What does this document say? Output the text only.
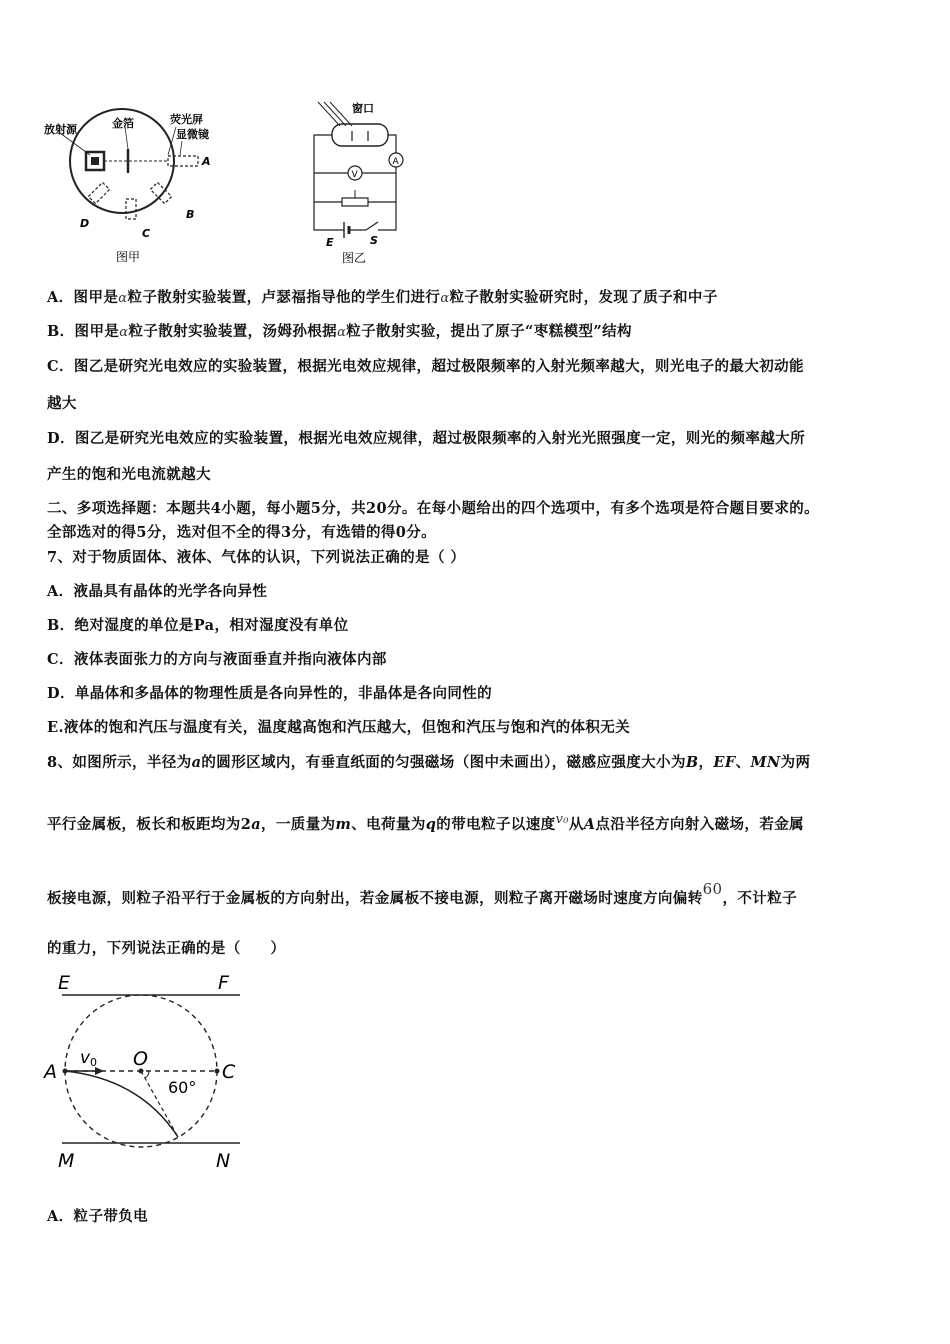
放射源	金箔	荧光屏
显微镜
A
B
C
D
图甲
窗口
A
V
E	S
图乙
A．图甲是α粒子散射实验装置，卢瑟福指导他的学生们进行α粒子散射实验研究时，发现了质子和中子
B．图甲是α粒子散射实验装置，汤姆孙根据α粒子散射实验，提出了原子“枣糕模型”结构
C．图乙是研究光电效应的实验装置，根据光电效应规律，超过极限频率的入射光频率越大，则光电子的最大初动能
越大
D．图乙是研究光电效应的实验装置，根据光电效应规律，超过极限频率的入射光光照强度一定，则光的频率越大所
产生的饱和光电流就越大
二、多项选择题：本题共4小题，每小题5分，共20分。在每小题给出的四个选项中，有多个选项是符合题目要求的。
全部选对的得5分，选对但不全的得3分，有选错的得0分。
7、对于物质固体、液体、气体的认识，下列说法正确的是（ ）
A．液晶具有晶体的光学各向异性
B．绝对湿度的单位是Pa，相对湿度没有单位
C．液体表面张力的方向与液面垂直并指向液体内部
D．单晶体和多晶体的物理性质是各向异性的，非晶体是各向同性的
E.液体的饱和汽压与温度有关，温度越高饱和汽压越大，但饱和汽压与饱和汽的体积无关
8、如图所示，半径为a的圆形区域内，有垂直纸面的匀强磁场（图中未画出），磁感应强度大小为B，EF、MN为两
平行金属板，板长和板距均为2a，一质量为m、电荷量为q的带电粒子以速度v₀从A点沿半径方向射入磁场，若金属
板接电源，则粒子沿平行于金属板的方向射出，若金属板不接电源，则粒子离开磁场时速度方向偏转60，不计粒子
的重力，下列说法正确的是（　　）
E	F
M	N
A	C
O
v 0
60°
A．粒子带负电
